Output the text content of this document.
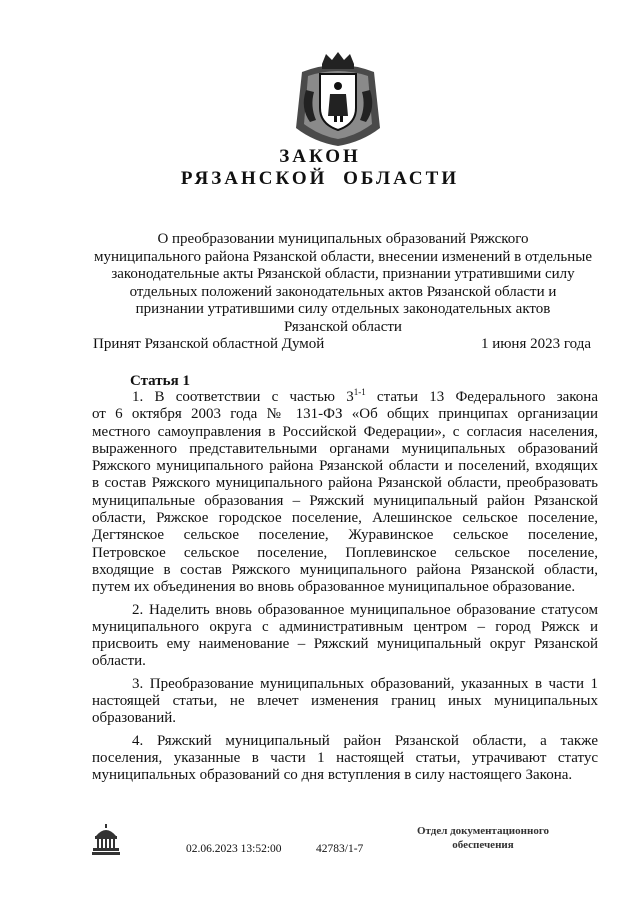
ЗАКОН
РЯЗАНСКОЙ ОБЛАСТИ
О преобразовании муниципальных образований Ряжского
муниципального района Рязанской области, внесении изменений в отдельные
законодательные акты Рязанской области, признании утратившими силу
отдельных положений законодательных актов Рязанской области и
признании утратившими силу отдельных законодательных актов
Рязанской области
Принят Рязанской областной Думой	1 июня 2023 года
Статья 1

1. В соответствии с частью 3$^{1-1}$ статьи 13 Федерального закона
от 6 октября 2003 года № 131-ФЗ «Об общих принципах организации
местного самоуправления в Российской Федерации», с согласия населения,
выраженного представительными органами муниципальных образований
Ряжского муниципального района Рязанской области и поселений, входящих
в состав Ряжского муниципального района Рязанской области, преобразовать
муниципальные образования – Ряжский муниципальный район Рязанской
области, Ряжское городское поселение, Алешинское сельское поселение,
Дегтянское сельское поселение, Журавинское сельское поселение,
Петровское сельское поселение, Поплевинское сельское поселение,
входящие в состав Ряжского муниципального района Рязанской области,
путем их объединения во вновь образованное муниципальное образование.

2. Наделить вновь образованное муниципальное образование статусом
муниципального округа с административным центром – город Ряжск и
присвоить ему наименование – Ряжский муниципальный округ Рязанской
области.

3. Преобразование муниципальных образований, указанных в части 1
настоящей статьи, не влечет изменения границ иных муниципальных
образований.

4. Ряжский муниципальный район Рязанской области, а также
поселения, указанные в части 1 настоящей статьи, утрачивают статус
муниципальных образований со дня вступления в силу настоящего Закона.

02.06.2023 13:52:00	42783/1-7
Отдел документационного
обеспечения
